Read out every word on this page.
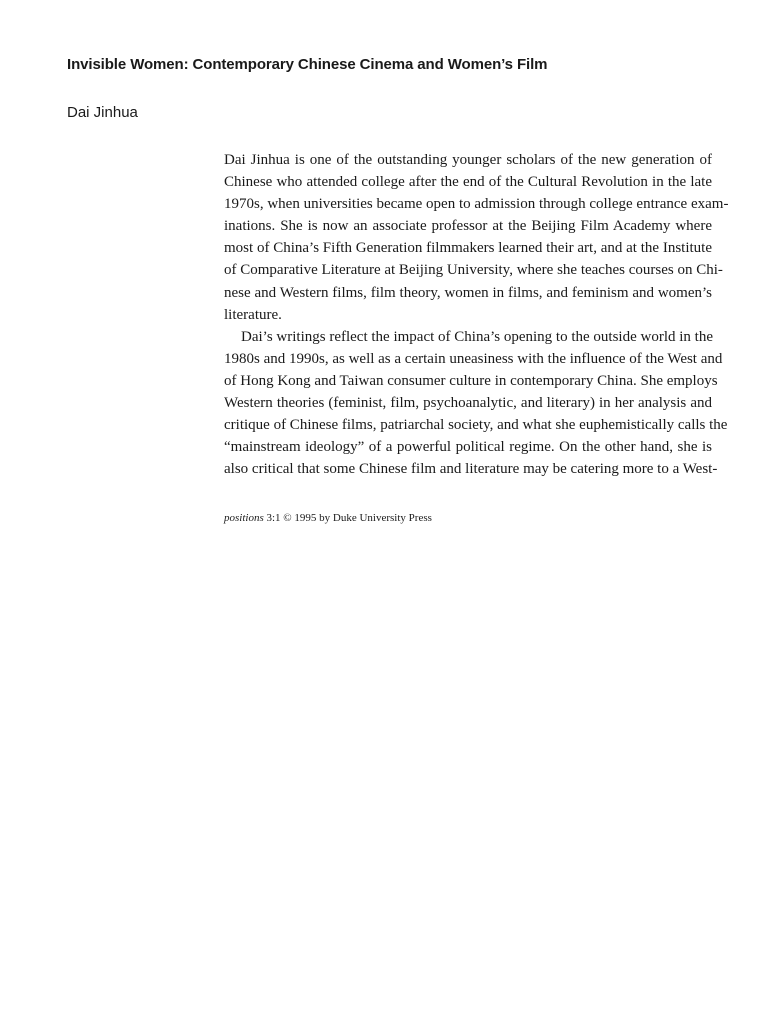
Invisible Women: Contemporary Chinese Cinema and Women’s Film
Dai Jinhua
Dai Jinhua is one of the outstanding younger scholars of the new generation of
Chinese who attended college after the end of the Cultural Revolution in the late
1970s, when universities became open to admission through college entrance exam-
inations. She is now an associate professor at the Beijing Film Academy where
most of China’s Fifth Generation filmmakers learned their art, and at the Institute
of Comparative Literature at Beijing University, where she teaches courses on Chi-
nese and Western films, film theory, women in films, and feminism and women’s
literature.
Dai’s writings reflect the impact of China’s opening to the outside world in the
1980s and 1990s, as well as a certain uneasiness with the influence of the West and
of Hong Kong and Taiwan consumer culture in contemporary China. She employs
Western theories (feminist, film, psychoanalytic, and literary) in her analysis and
critique of Chinese films, patriarchal society, and what she euphemistically calls the
“mainstream ideology” of a powerful political regime. On the other hand, she is
also critical that some Chinese film and literature may be catering more to a West-
positions 3:1 © 1995 by Duke University Press
